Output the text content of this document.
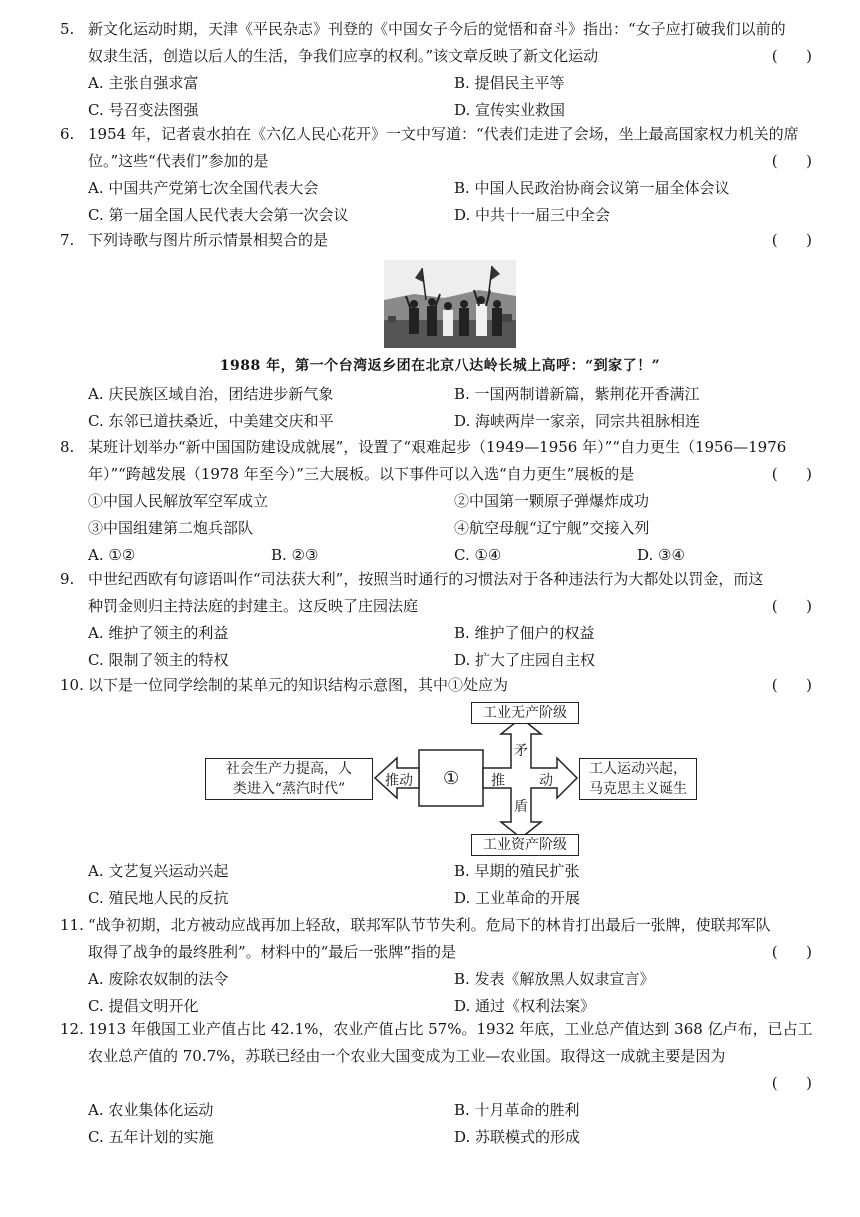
5. 新文化运动时期，天津《平民杂志》刊登的《中国女子今后的觉悟和奋斗》指出：“女子应打破我们以前的
奴隶生活，创造以后人的生活，争我们应享的权利。”该文章反映了新文化运动	(      )
A. 主张自强求富	B. 提倡民主平等
C. 号召变法图强	D. 宣传实业救国
6. 1954 年，记者袁水拍在《六亿人民心花开》一文中写道：“代表们走进了会场，坐上最高国家权力机关的席
位。”这些“代表们”参加的是	(      )
A. 中国共产党第七次全国代表大会	B. 中国人民政治协商会议第一届全体会议
C. 第一届全国人民代表大会第一次会议	D. 中共十一届三中全会
7. 下列诗歌与图片所示情景相契合的是	(      )
1988 年，第一个台湾返乡团在北京八达岭长城上高呼：“到家了！”
A. 庆民族区域自治，团结进步新气象	B. 一国两制谱新篇，紫荆花开香满江
C. 东邻已道扶桑近，中美建交庆和平	D. 海峡两岸一家亲，同宗共祖脉相连
8. 某班计划举办“新中国国防建设成就展”，设置了“艰难起步（1949—1956 年）”“自力更生（1956—1976
年）”“跨越发展（1978 年至今）”三大展板。以下事件可以入选“自力更生”展板的是	(      )
①中国人民解放军空军成立	②中国第一颗原子弹爆炸成功
③中国组建第二炮兵部队	④航空母舰“辽宁舰”交接入列
A. ①②	B. ②③	C. ①④	D. ③④
9. 中世纪西欧有句谚语叫作“司法获大利”，按照当时通行的习惯法对于各种违法行为大都处以罚金，而这
种罚金则归主持法庭的封建主。这反映了庄园法庭	(      )
A. 维护了领主的利益	B. 维护了佃户的权益
C. 限制了领主的特权	D. 扩大了庄园自主权
10. 以下是一位同学绘制的某单元的知识结构示意图，其中①处应为	(      )
工业无产阶级
工业资产阶级
社会生产力提高，人
类进入“蒸汽时代”	推动 ① 推 动
矛
盾
工人运动兴起，
马克思主义诞生
A. 文艺复兴运动兴起	B. 早期的殖民扩张
C. 殖民地人民的反抗	D. 工业革命的开展
11. “战争初期，北方被动应战再加上轻敌，联邦军队节节失利。危局下的林肯打出最后一张牌，使联邦军队
取得了战争的最终胜利”。材料中的“最后一张牌”指的是	(      )
A. 废除农奴制的法令	B. 发表《解放黑人奴隶宣言》
C. 提倡文明开化	D. 通过《权利法案》
12. 1913 年俄国工业产值占比 42.1%，农业产值占比 57%。1932 年底，工业总产值达到 368 亿卢布，已占工
农业总产值的 70.7%，苏联已经由一个农业大国变成为工业—农业国。取得这一成就主要是因为
(      )
A. 农业集体化运动	B. 十月革命的胜利
C. 五年计划的实施	D. 苏联模式的形成
